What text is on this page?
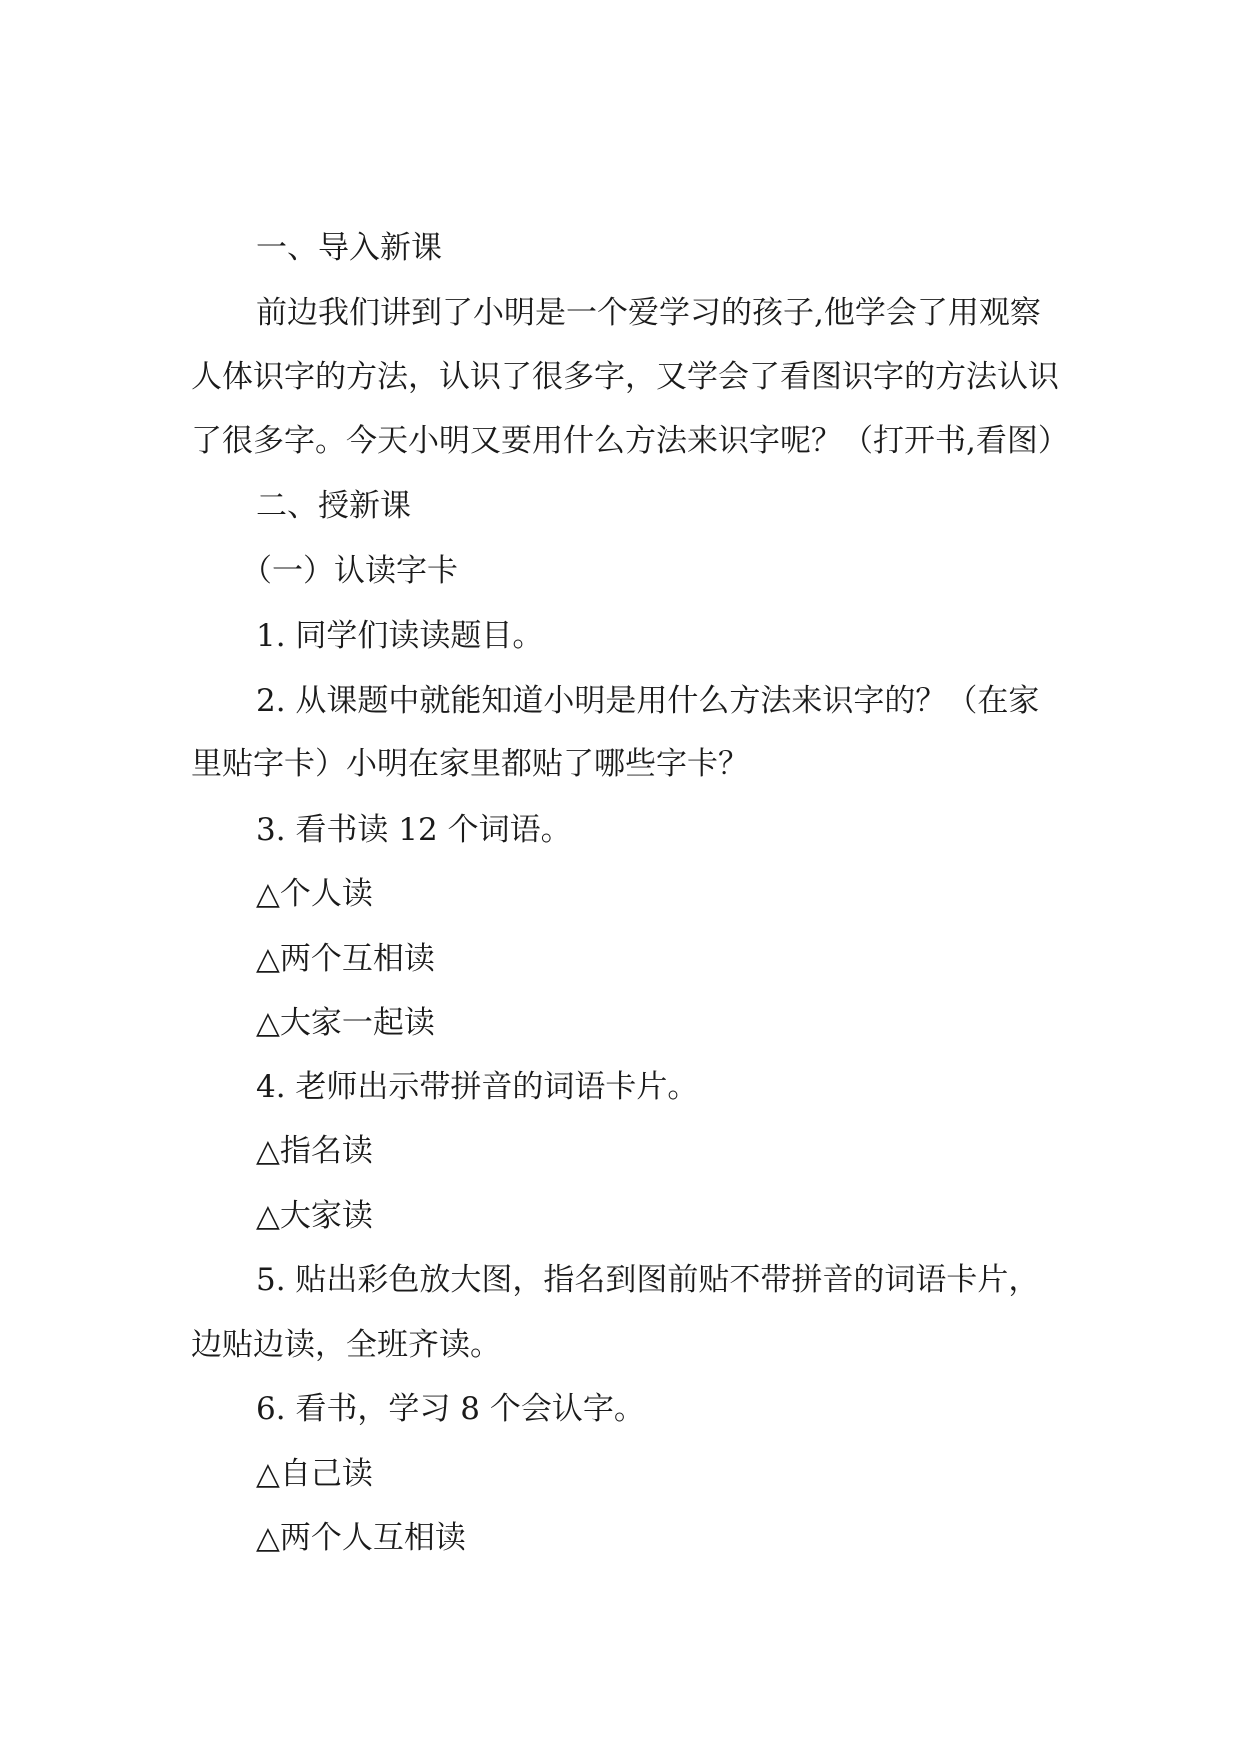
一、导入新课

前边我们讲到了小明是一个爱学习的孩子,他学会了用观察

人体识字的方法，认识了很多字，又学会了看图识字的方法认识

了很多字。今天小明又要用什么方法来识字呢？（打开书,看图）

二、授新课

（一）认读字卡

1. 同学们读读题目。

2. 从课题中就能知道小明是用什么方法来识字的？（在家

里贴字卡）小明在家里都贴了哪些字卡？

3. 看书读 12 个词语。

△个人读

△两个互相读

△大家一起读

4. 老师出示带拼音的词语卡片。

△指名读

△大家读

5. 贴出彩色放大图，指名到图前贴不带拼音的词语卡片，

边贴边读，全班齐读。

6. 看书，学习 8 个会认字。

△自己读

△两个人互相读
